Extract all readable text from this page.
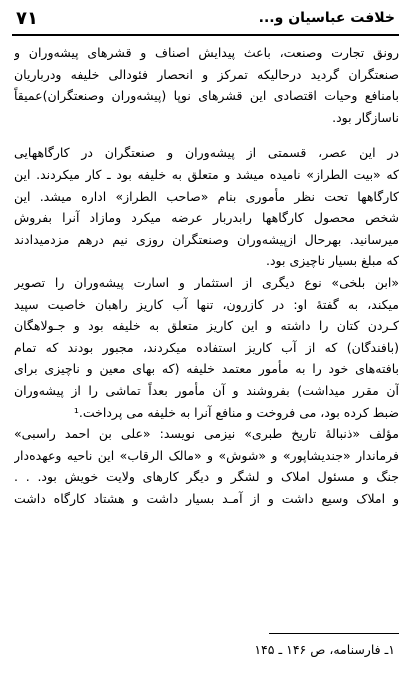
خلافت عباسیان و...
۷۱
رونق تجارت وصنعت، باعث پیدایش اصناف و قشرهای پیشه‌وران و
صنعتگران گردید درحالیکه تمرکز و انحصار فئودالی خلیفه ودرباریان
بامنافع وحیات اقتصادی این قشرهای نوپا (پیشه‌وران وصنعتگران)عمیقاً
ناسازگار بود.
در این عصر، قسمتی از پیشه‌وران و صنعتگران در کارگاههایی
که «بیت الطراز» نامیده میشد و متعلق به خلیفه بود ـ کار میکردند. این
کارگاهها تحت نظر مأموری بنام «صاحب الطراز» اداره میشد. این
شخص محصول کارگاهها رابدربار عرضه میکرد ومازاد آنرا بفروش
میرسانید. بهرحال ازپیشه‌وران وصنعتگران روزی نیم درهم مزدمیدادند
که مبلغ بسیار ناچیزی بود.
«ابن بلخی» نوع دیگری از استثمار و اسارت پیشه‌وران را تصویر
میکند، به گفتهٔ او: در کازرون، تنها آب کاریز راهبان خاصیت سپید
کـردن کتان را داشته و این کاریز متعلق به خلیفه بود و جـولاهگان
(بافندگان) که از آب کاریز استفاده میکردند، مجبور بودند که تمام
بافته‌های خود را به مأمور معتمد خلیفه (که بهای معین و ناچیزی برای
آن مقرر میداشت) بفروشند و آن مأمور بعداً تماشی را از پیشه‌وران
ضبط کرده بود، می فروخت و منافع آنرا به خلیفه می پرداخت.¹
مؤلف «ذنبالهٔ تاریخ طبری» نیزمی نویسد: «علی بن احمد راسبی»
فرماندار «جندیشاپور» و «شوش» و «مالک الرقاب» این ناحیه وعهده‌دار
جنگ و مسئول املاک و لشگر و دیگر کارهای ولایت خویش بود. . .
و املاک وسیع داشت و از آمـد بسیار داشت و هشتاد کارگاه داشت
۱ـ فارسنامه، ص ۱۴۶ ـ ۱۴۵
